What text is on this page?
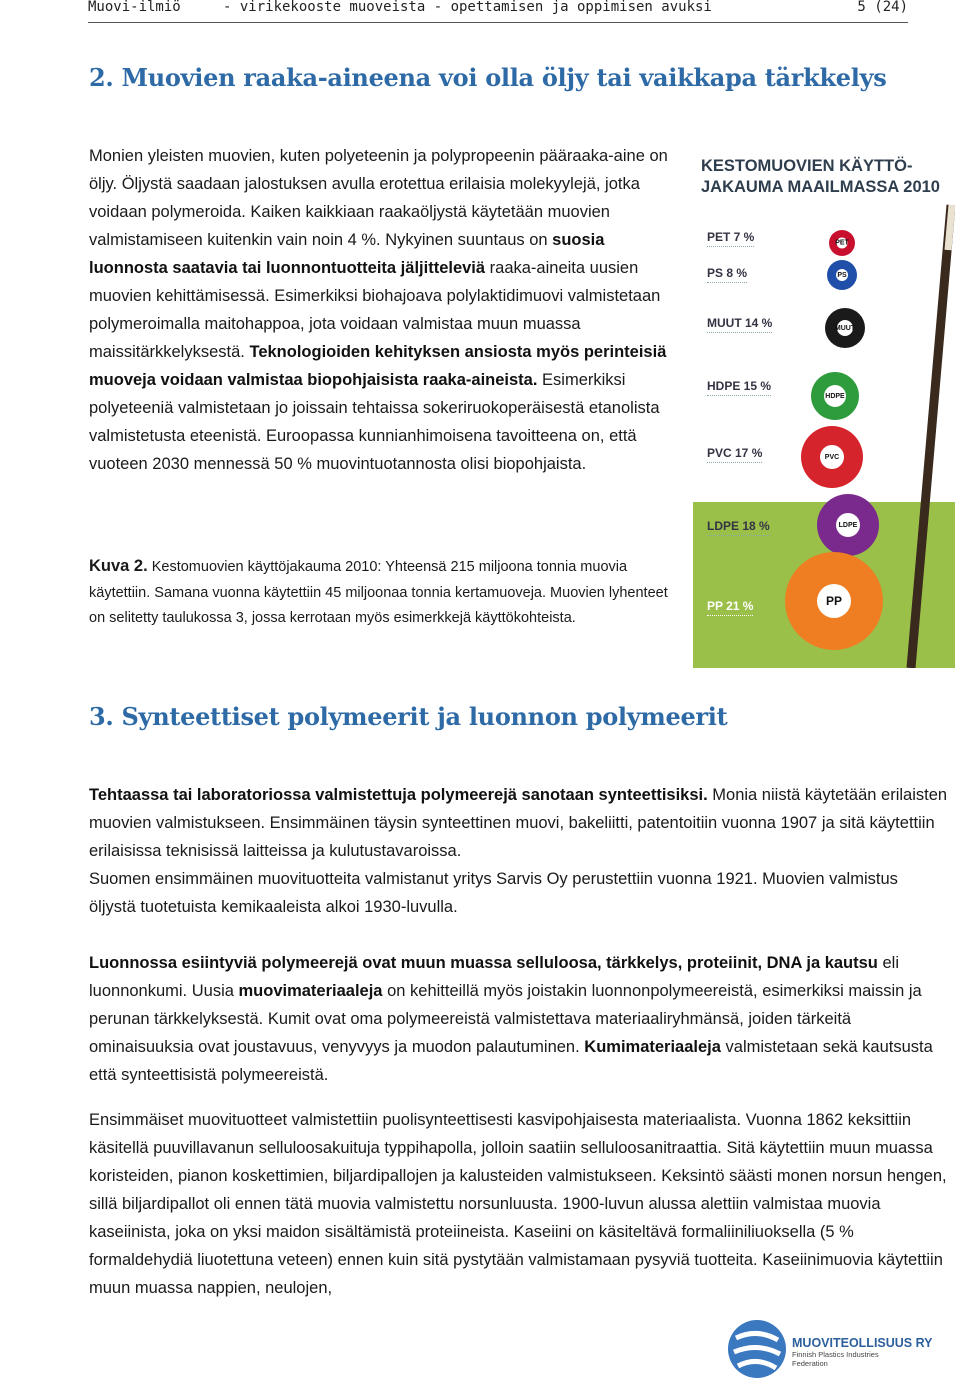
Muovi-ilmiö	- virikekooste muoveista - opettamisen ja oppimisen avuksi	5 (24)
2. Muovien raaka-aineena voi olla öljy tai vaikkapa tärkkelys

Monien yleisten muovien, kuten polyeteenin ja polypropeenin pääraaka-aine on öljy. Öljystä saadaan jalostuksen avulla erotettua erilaisia molekyylejä, jotka voidaan polymeroida. Kaiken kaikkiaan raakaöljystä käytetään muovien valmistamiseen kuitenkin vain noin 4 %. Nykyinen suuntaus on suosia luonnosta saatavia tai luonnontuotteita jäljitteleviä raaka-aineita uusien muovien kehittämisessä. Esimerkiksi biohajoava polylaktidimuovi valmistetaan polymeroimalla maitohappoa, jota voidaan valmistaa muun muassa maissitärkkelyksestä. Teknologioiden kehityksen ansiosta myös perinteisiä muoveja voidaan valmistaa biopohjaisista raaka-aineista. Esimerkiksi polyeteeniä valmistetaan jo joissain tehtaissa sokeriruokoperäisestä etanolista valmistetusta eteenistä. Euroopassa kunnianhimoisena tavoitteena on, että vuoteen 2030 mennessä 50 % muovintuotannosta olisi biopohjaista.

Kuva 2. Kestomuovien käyttöjakauma 2010: Yhteensä 215 miljoona tonnia muovia käytettiin. Samana vuonna käytettiin 45 miljoonaa tonnia kertamuoveja. Muovien lyhenteet on selitetty taulukossa 3, jossa kerrotaan myös esimerkkejä käyttökohteista.

KESTOMUOVIEN KÄYTTÖ-JAKAUMA MAAILMASSA 2010
PET 7 %	PET
PS 8 %	PS
MUUT 14 %	MUUT
HDPE 15 %
HDPE
PVC 17 %	PVC
LDPE 18 %	LDPE
PP 21 %	PP
3. Synteettiset polymeerit ja luonnon polymeerit

Tehtaassa tai laboratoriossa valmistettuja polymeerejä sanotaan synteettisiksi. Monia niistä käytetään erilaisten muovien valmistukseen. Ensimmäinen täysin synteettinen muovi, bakeliitti, patentoitiin vuonna 1907 ja sitä käytettiin erilaisissa teknisissä laitteissa ja kulutustavaroissa.
Suomen ensimmäinen muovituotteita valmistanut yritys Sarvis Oy perustettiin vuonna 1921. Muovien valmistus öljystä tuotetuista kemikaaleista alkoi 1930-luvulla.

Luonnossa esiintyviä polymeerejä ovat muun muassa selluloosa, tärkkelys, proteiinit, DNA ja kautsu eli luonnonkumi. Uusia muovimateriaaleja on kehitteillä myös joistakin luonnonpolymeereistä, esimerkiksi maissin ja perunan tärkkelyksestä. Kumit ovat oma polymeereistä valmistettava materiaaliryhmänsä, joiden tärkeitä ominaisuuksia ovat joustavuus, venyvyys ja muodon palautuminen. Kumimateriaaleja valmistetaan sekä kautsusta että synteettisistä polymeereistä.

Ensimmäiset muovituotteet valmistettiin puolisynteettisesti kasvipohjaisesta materiaalista. Vuonna 1862 keksittiin käsitellä puuvillavanun selluloosakuituja typpihapolla, jolloin saatiin selluloosanitraattia. Sitä käytettiin muun muassa koristeiden, pianon koskettimien, biljardipallojen ja kalusteiden valmistukseen. Keksintö säästi monen norsun hengen, sillä biljardipallot oli ennen tätä muovia valmistettu norsunluusta. 1900-luvun alussa alettiin valmistaa muovia kaseiinista, joka on yksi maidon sisältämistä proteiineista. Kaseiini on käsiteltävä formaliiniliuoksella (5 % formaldehydiä liuotettuna veteen) ennen kuin sitä pystytään valmistamaan pysyviä tuotteita. Kaseiinimuovia käytettiin muun muassa nappien, neulojen,

MUOVITEOLLISUUS RY
Finnish Plastics Industries
Federation
